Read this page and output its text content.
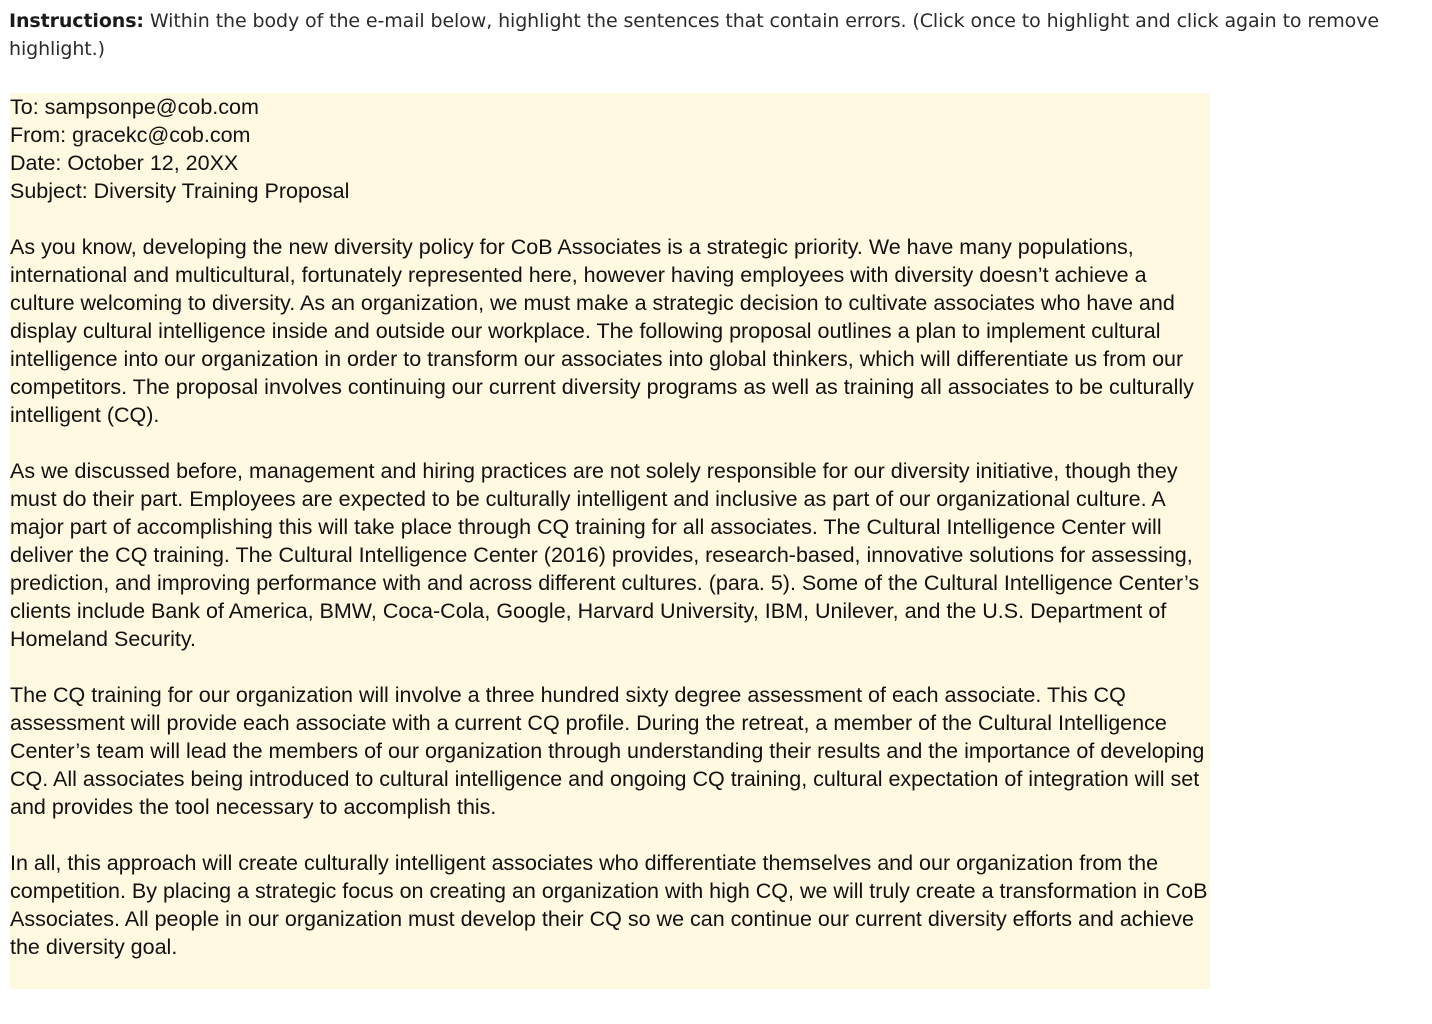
Instructions: Within the body of the e-mail below, highlight the sentences that contain errors. (Click once to highlight and click again to remove highlight.)
To: sampsonpe@cob.com
From: gracekc@cob.com
Date: October 12, 20XX
Subject: Diversity Training Proposal

As you know, developing the new diversity policy for CoB Associates is a strategic priority. We have many populations, international and multicultural, fortunately represented here, however having employees with diversity doesn’t achieve a culture welcoming to diversity. As an organization, we must make a strategic decision to cultivate associates who have and display cultural intelligence inside and outside our workplace. The following proposal outlines a plan to implement cultural intelligence into our organization in order to transform our associates into global thinkers, which will differentiate us from our competitors. The proposal involves continuing our current diversity programs as well as training all associates to be culturally intelligent (CQ).

As we discussed before, management and hiring practices are not solely responsible for our diversity initiative, though they must do their part. Employees are expected to be culturally intelligent and inclusive as part of our organizational culture. A major part of accomplishing this will take place through CQ training for all associates. The Cultural Intelligence Center will deliver the CQ training. The Cultural Intelligence Center (2016) provides, research-based, innovative solutions for assessing, prediction, and improving performance with and across different cultures. (para. 5). Some of the Cultural Intelligence Center’s clients include Bank of America, BMW, Coca-Cola, Google, Harvard University, IBM, Unilever, and the U.S. Department of Homeland Security.

The CQ training for our organization will involve a three hundred sixty degree assessment of each associate. This CQ assessment will provide each associate with a current CQ profile. During the retreat, a member of the Cultural Intelligence Center’s team will lead the members of our organization through understanding their results and the importance of developing CQ. All associates being introduced to cultural intelligence and ongoing CQ training, cultural expectation of integration will set and provides the tool necessary to accomplish this.

In all, this approach will create culturally intelligent associates who differentiate themselves and our organization from the competition. By placing a strategic focus on creating an organization with high CQ, we will truly create a transformation in CoB Associates. All people in our organization must develop their CQ so we can continue our current diversity efforts and achieve the diversity goal.
